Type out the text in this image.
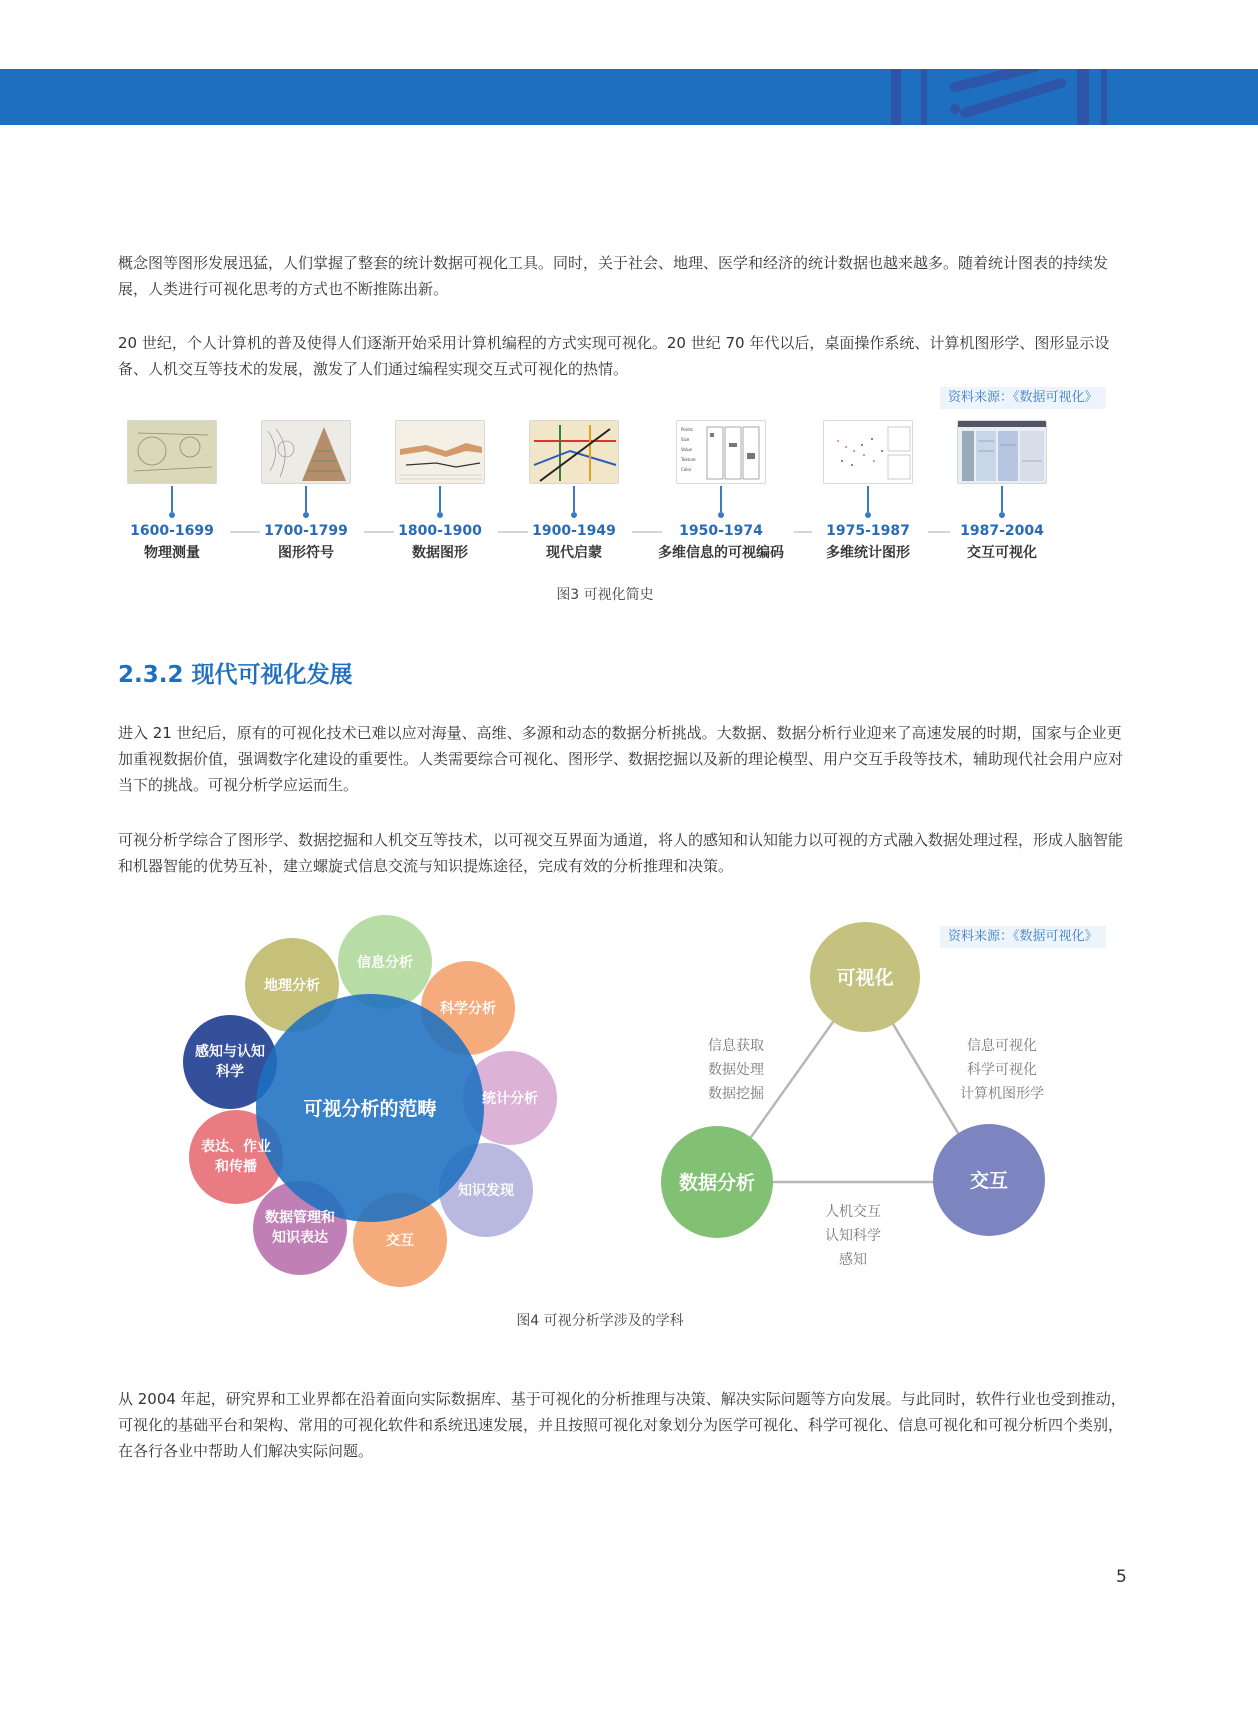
概念图等图形发展迅猛，人们掌握了整套的统计数据可视化工具。同时，关于社会、地理、医学和经济的统计数据也越来越多。随着统计图表的持续发展，人类进行可视化思考的方式也不断推陈出新。

20 世纪，个人计算机的普及使得人们逐渐开始采用计算机编程的方式实现可视化。20 世纪 70 年代以后，桌面操作系统、计算机图形学、图形显示设备、人机交互等技术的发展，激发了人们通过编程实现交互式可视化的热情。

资料来源：《数据可视化》
1600-1699
物理测量
1700-1799
图形符号
1800-1900
数据图形
1900-1949
现代启蒙
Points
Size
Value
Texture
Color
1950-1974
多维信息的可视编码
1975-1987
多维统计图形
1987-2004
交互可视化
图3 可视化简史
2.3.2 现代可视化发展

进入 21 世纪后，原有的可视化技术已难以应对海量、高维、多源和动态的数据分析挑战。大数据、数据分析行业迎来了高速发展的时期，国家与企业更加重视数据价值，强调数字化建设的重要性。人类需要综合可视化、图形学、数据挖掘以及新的理论模型、用户交互手段等技术，辅助现代社会用户应对当下的挑战。可视分析学应运而生。

可视分析学综合了图形学、数据挖掘和人机交互等技术，以可视交互界面为通道，将人的感知和认知能力以可视的方式融入数据处理过程，形成人脑智能和机器智能的优势互补，建立螺旋式信息交流与知识提炼途径，完成有效的分析推理和决策。

可视分析的范畴
地理分析
信息分析
科学分析
统计分析
知识发现
交互
数据管理和
知识表达
表达、作业
和传播
感知与认知
科学
资料来源：《数据可视化》
可视化
数据分析	交互
信息获取
数据处理
数据挖掘
信息可视化
科学可视化
计算机图形学
人机交互
认知科学
感知
图4 可视分析学涉及的学科

从 2004 年起，研究界和工业界都在沿着面向实际数据库、基于可视化的分析推理与决策、解决实际问题等方向发展。与此同时，软件行业也受到推动，可视化的基础平台和架构、常用的可视化软件和系统迅速发展，并且按照可视化对象划分为医学可视化、科学可视化、信息可视化和可视分析四个类别，在各行各业中帮助人们解决实际问题。

5
